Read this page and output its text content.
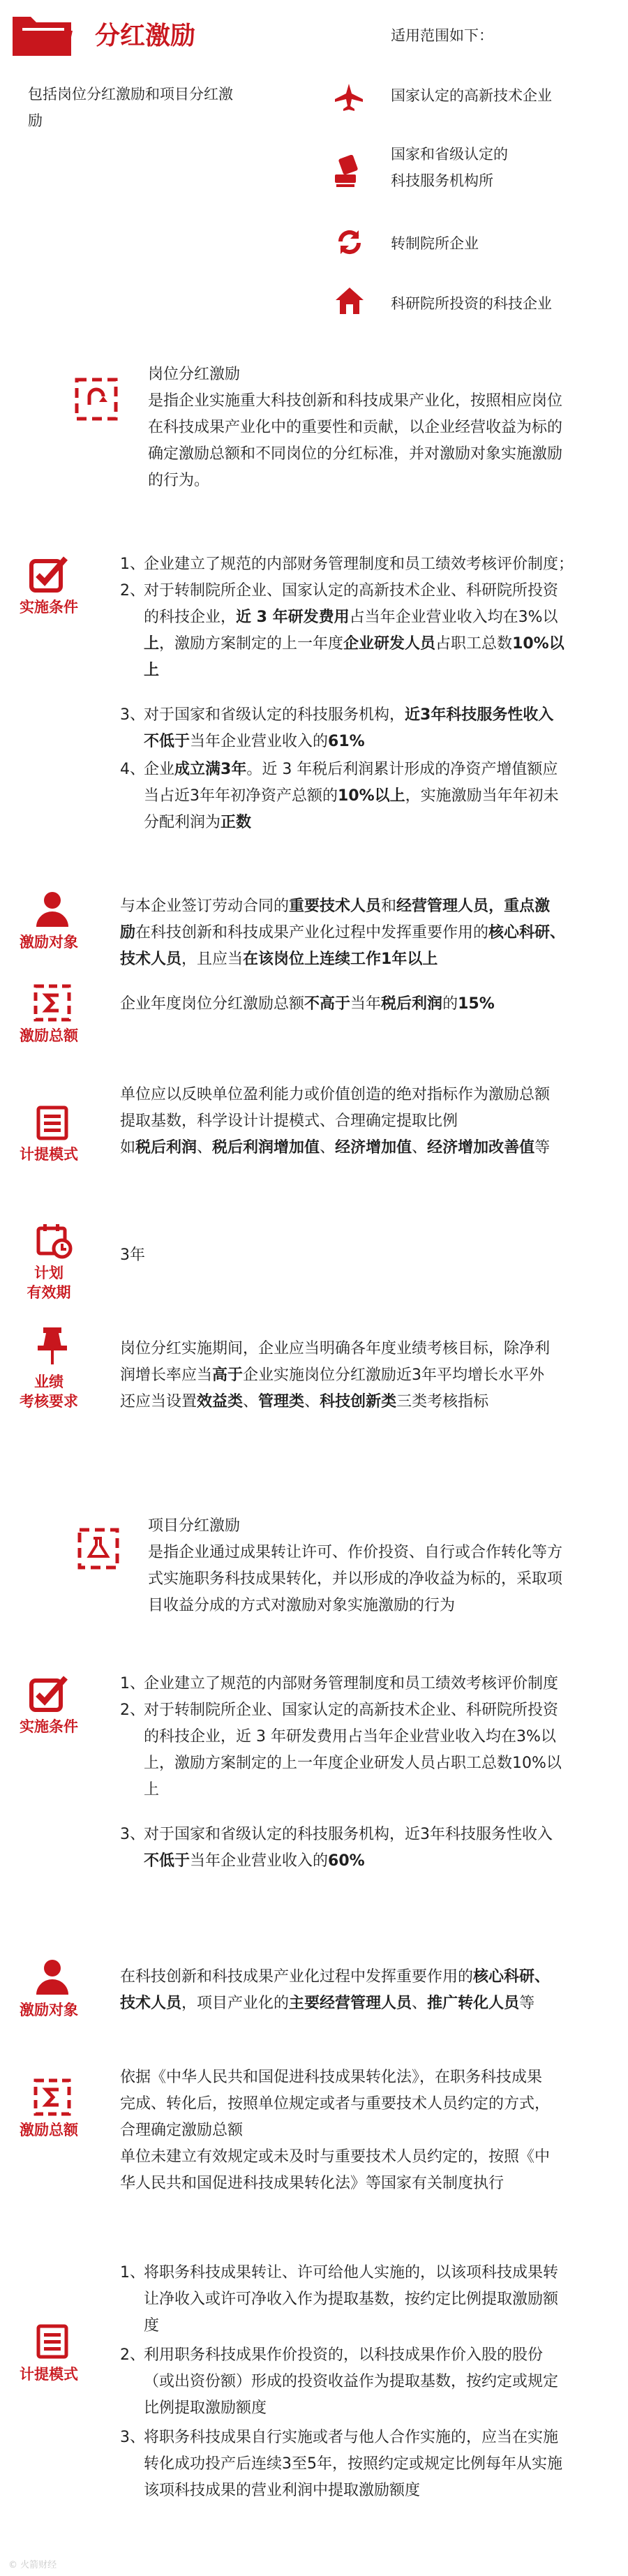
分红激励
包括岗位分红激励和项目分红激
励
适用范围如下：
国家认定的高新技术企业
国家和省级认定的
科技服务机构所
转制院所企业
科研院所投资的科技企业
岗位分红激励
是指企业实施重大科技创新和科技成果产业化，按照相应岗位
在科技成果产业化中的重要性和贡献，以企业经营收益为标的
确定激励总额和不同岗位的分红标准，并对激励对象实施激励
的行为。
实施条件
1、
企业建立了规范的内部财务管理制度和员工绩效考核评价制度；
2、
对于转制院所企业、国家认定的高新技术企业、科研院所投资
的科技企业，近 3 年研发费用占当年企业营业收入均在3%以
上，激励方案制定的上一年度企业研发人员占职工总数10%以
上
3、
对于国家和省级认定的科技服务机构，近3年科技服务性收入
不低于当年企业营业收入的61%
4、
企业成立满3年。近 3 年税后利润累计形成的净资产增值额应
当占近3年年初净资产总额的10%以上，实施激励当年年初未
分配利润为正数
激励对象
与本企业签订劳动合同的重要技术人员和经营管理人员，重点激
励在科技创新和科技成果产业化过程中发挥重要作用的核心科研、
技术人员，且应当在该岗位上连续工作1年以上
激励总额
企业年度岗位分红激励总额不高于当年税后利润的15%
计提模式
单位应以反映单位盈利能力或价值创造的绝对指标作为激励总额
提取基数，科学设计计提模式、合理确定提取比例
如税后利润、税后利润增加值、经济增加值、经济增加改善值等
计划
有效期
3年
业绩
考核要求
岗位分红实施期间，企业应当明确各年度业绩考核目标，除净利
润增长率应当高于企业实施岗位分红激励近3年平均增长水平外
还应当设置效益类、管理类、科技创新类三类考核指标
项目分红激励
是指企业通过成果转让许可、作价投资、自行或合作转化等方
式实施职务科技成果转化，并以形成的净收益为标的，采取项
目收益分成的方式对激励对象实施激励的行为
实施条件
1、
企业建立了规范的内部财务管理制度和员工绩效考核评价制度
2、
对于转制院所企业、国家认定的高新技术企业、科研院所投资
的科技企业，近 3 年研发费用占当年企业营业收入均在3%以
上，激励方案制定的上一年度企业研发人员占职工总数10%以
上
3、
对于国家和省级认定的科技服务机构，近3年科技服务性收入
不低于当年企业营业收入的60%
激励对象
在科技创新和科技成果产业化过程中发挥重要作用的核心科研、
技术人员，项目产业化的主要经营管理人员、推广转化人员等
激励总额
依据《中华人民共和国促进科技成果转化法》，在职务科技成果
完成、转化后，按照单位规定或者与重要技术人员约定的方式，
合理确定激励总额
单位未建立有效规定或未及时与重要技术人员约定的，按照《中
华人民共和国促进科技成果转化法》等国家有关制度执行
计提模式
1、
将职务科技成果转让、许可给他人实施的，以该项科技成果转
让净收入或许可净收入作为提取基数，按约定比例提取激励额
度
2、
利用职务科技成果作价投资的，以科技成果作价入股的股份
（或出资份额）形成的投资收益作为提取基数，按约定或规定
比例提取激励额度
3、
将职务科技成果自行实施或者与他人合作实施的，应当在实施
转化成功投产后连续3至5年，按照约定或规定比例每年从实施
该项科技成果的营业利润中提取激励额度
© 火箭财经
